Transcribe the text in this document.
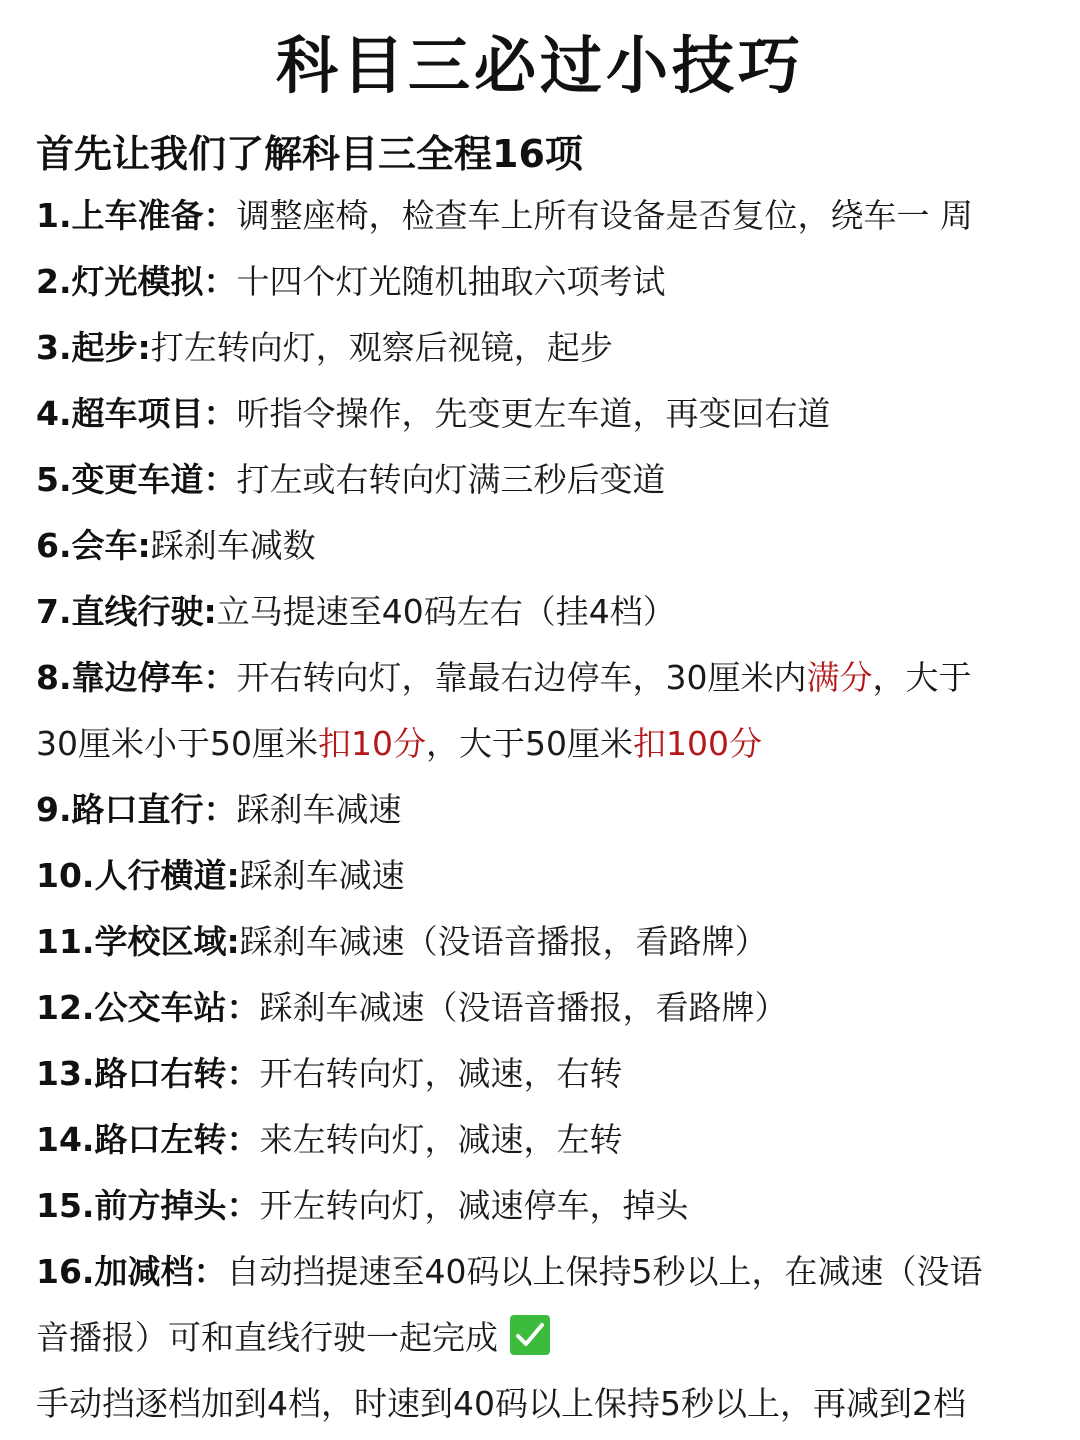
科目三必过小技巧
首先让我们了解科目三全程16项
1.上车准备：调整座椅，检查车上所有设备是否复位，绕车一 周
2.灯光模拟：十四个灯光随机抽取六项考试
3.起步:打左转向灯，观察后视镜，起步
4.超车项目：听指令操作，先变更左车道，再变回右道
5.变更车道：打左或右转向灯满三秒后变道
6.会车:踩刹车减数
7.直线行驶:立马提速至40码左右（挂4档）
8.靠边停车：开右转向灯，靠最右边停车，30厘米内满分，大于
30厘米小于50厘米扣10分，大于50厘米扣100分
9.路口直行：踩刹车减速
10.人行横道:踩刹车减速
11.学校区域:踩刹车减速（没语音播报，看路牌）
12.公交车站：踩刹车减速（没语音播报，看路牌）
13.路口右转：开右转向灯，减速，右转
14.路口左转：来左转向灯，减速，左转
15.前方掉头：开左转向灯，减速停车，掉头
16.加减档：自动挡提速至40码以上保持5秒以上，在减速（没语
音播报）可和直线行驶一起完成
手动挡逐档加到4档，时速到40码以上保持5秒以上，再减到2档
